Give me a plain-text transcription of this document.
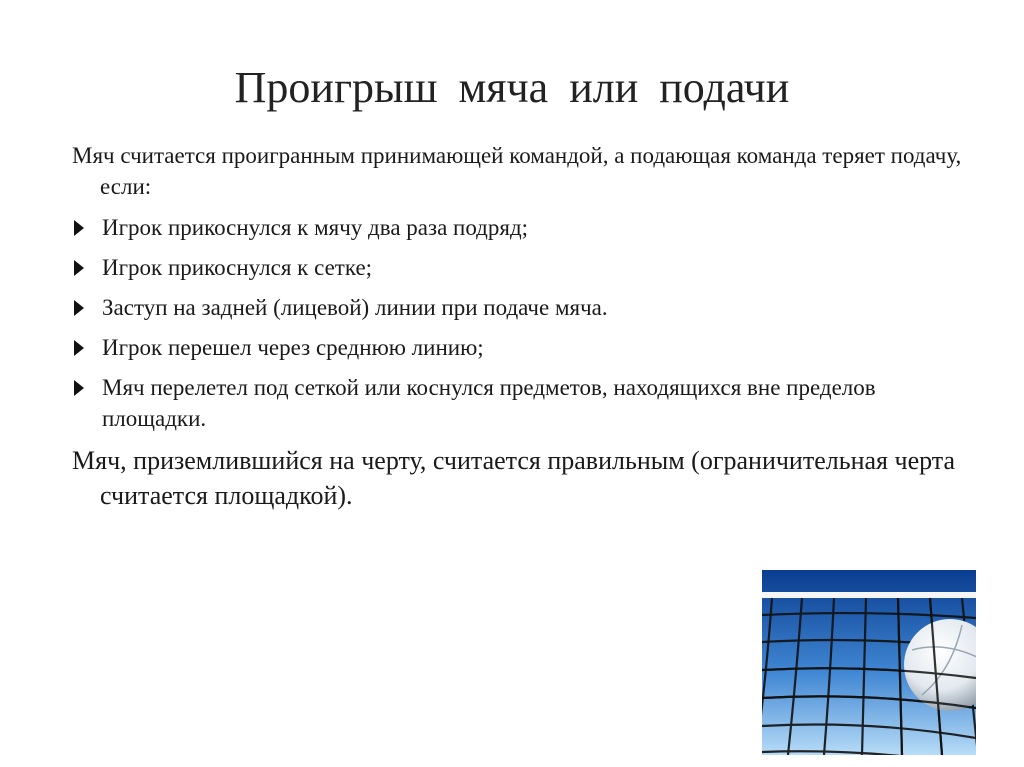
Проигрыш мяча или подачи

Мяч считается проигранным принимающей командой, а подающая команда теряет подачу, если:

Игрок прикоснулся к мячу два раза подряд;
Игрок прикоснулся к сетке;
Заступ на задней (лицевой) линии при подаче мяча.
Игрок перешел через среднюю линию;
Мяч перелетел под сеткой или коснулся предметов, находящихся вне пределов площадки.

Мяч, приземлившийся на черту, считается правильным (ограничительная черта считается площадкой).
